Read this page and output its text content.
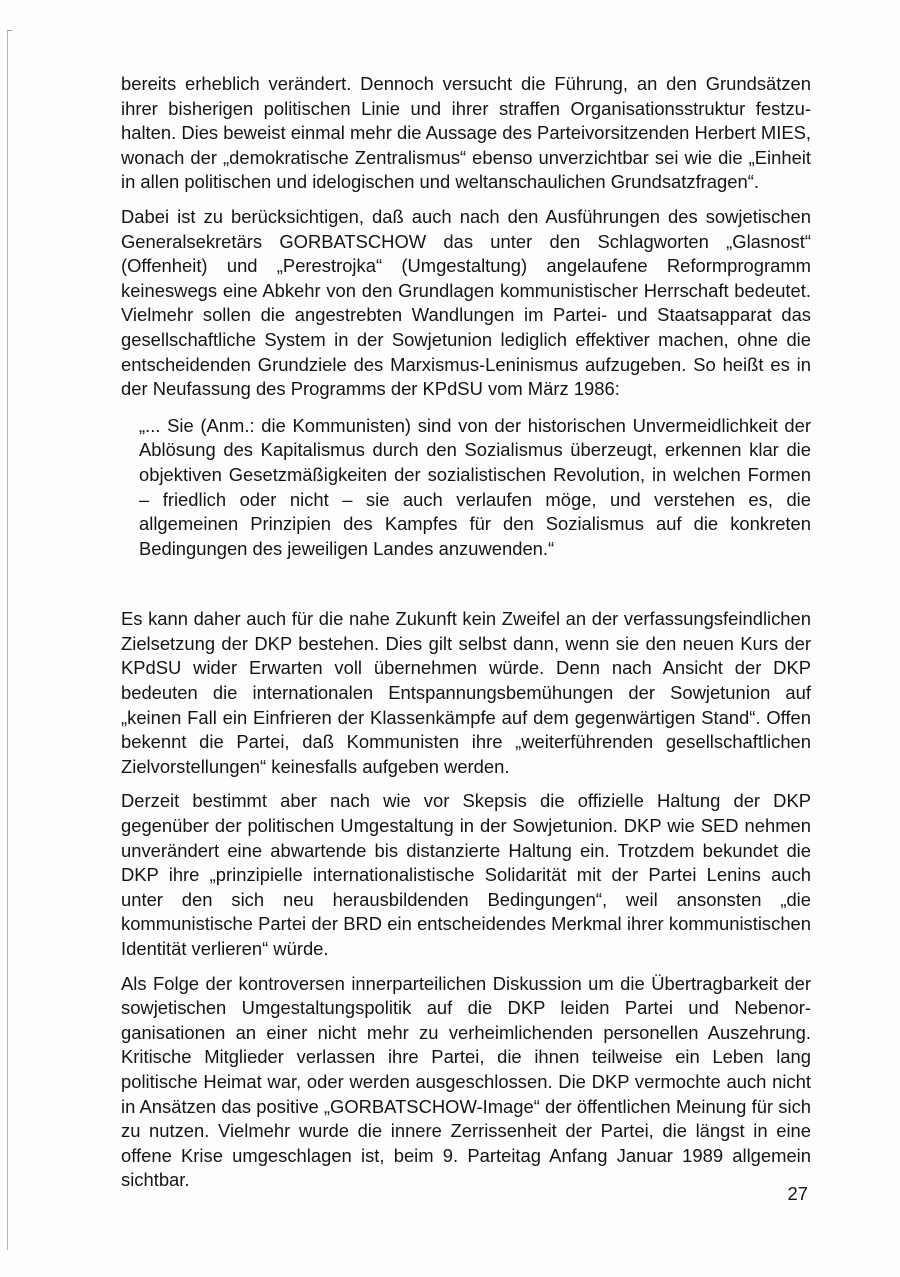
bereits erheblich verändert. Dennoch versucht die Führung, an den Grundsätzen ihrer bisherigen politischen Linie und ihrer straffen Organisationsstruktur festzuhalten. Dies beweist einmal mehr die Aussage des Parteivorsitzenden Herbert MIES, wonach der „demokratische Zentralismus“ ebenso unverzichtbar sei wie die „Einheit in allen politischen und idelogischen und weltanschaulichen Grundsatzfragen“.

Dabei ist zu berücksichtigen, daß auch nach den Ausführungen des sowjetischen Generalsekretärs GORBATSCHOW das unter den Schlagworten „Glasnost“ (Offenheit) und „Perestrojka“ (Umgestaltung) angelaufene Reformprogramm keineswegs eine Abkehr von den Grundlagen kommunistischer Herrschaft bedeutet. Vielmehr sollen die angestrebten Wandlungen im Partei- und Staatsapparat das gesellschaftliche System in der Sowjetunion lediglich effektiver machen, ohne die entscheidenden Grundziele des Marxismus-Leninismus aufzugeben. So heißt es in der Neufassung des Programms der KPdSU vom März 1986:

„... Sie (Anm.: die Kommunisten) sind von der historischen Unvermeidlichkeit der Ablösung des Kapitalismus durch den Sozialismus überzeugt, erkennen klar die objektiven Gesetzmäßigkeiten der sozialistischen Revolution, in welchen Formen – friedlich oder nicht – sie auch verlaufen möge, und verstehen es, die allgemeinen Prinzipien des Kampfes für den Sozialismus auf die konkreten Bedingungen des jeweiligen Landes anzuwenden.“

Es kann daher auch für die nahe Zukunft kein Zweifel an der verfassungsfeindlichen Zielsetzung der DKP bestehen. Dies gilt selbst dann, wenn sie den neuen Kurs der KPdSU wider Erwarten voll übernehmen würde. Denn nach Ansicht der DKP bedeuten die internationalen Entspannungsbemühungen der Sowjetunion auf „keinen Fall ein Einfrieren der Klassenkämpfe auf dem gegenwärtigen Stand“. Offen bekennt die Partei, daß Kommunisten ihre „weiterführenden gesellschaftlichen Zielvorstellungen“ keinesfalls aufgeben werden.

Derzeit bestimmt aber nach wie vor Skepsis die offizielle Haltung der DKP gegenüber der politischen Umgestaltung in der Sowjetunion. DKP wie SED nehmen unverändert eine abwartende bis distanzierte Haltung ein. Trotzdem bekundet die DKP ihre „prinzipielle internationalistische Solidarität mit der Partei Lenins auch unter den sich neu herausbildenden Bedingungen“, weil ansonsten „die kommunistische Partei der BRD ein entscheidendes Merkmal ihrer kommunistischen Identität verlieren“ würde.

Als Folge der kontroversen innerparteilichen Diskussion um die Übertragbarkeit der sowjetischen Umgestaltungspolitik auf die DKP leiden Partei und Nebenorganisationen an einer nicht mehr zu verheimlichenden personellen Auszehrung. Kritische Mitglieder verlassen ihre Partei, die ihnen teilweise ein Leben lang politische Heimat war, oder werden ausgeschlossen. Die DKP vermochte auch nicht in Ansätzen das positive „GORBATSCHOW-Image“ der öffentlichen Meinung für sich zu nutzen. Vielmehr wurde die innere Zerrissenheit der Partei, die längst in eine offene Krise umgeschlagen ist, beim 9. Parteitag Anfang Januar 1989 allgemein sichtbar.

27
